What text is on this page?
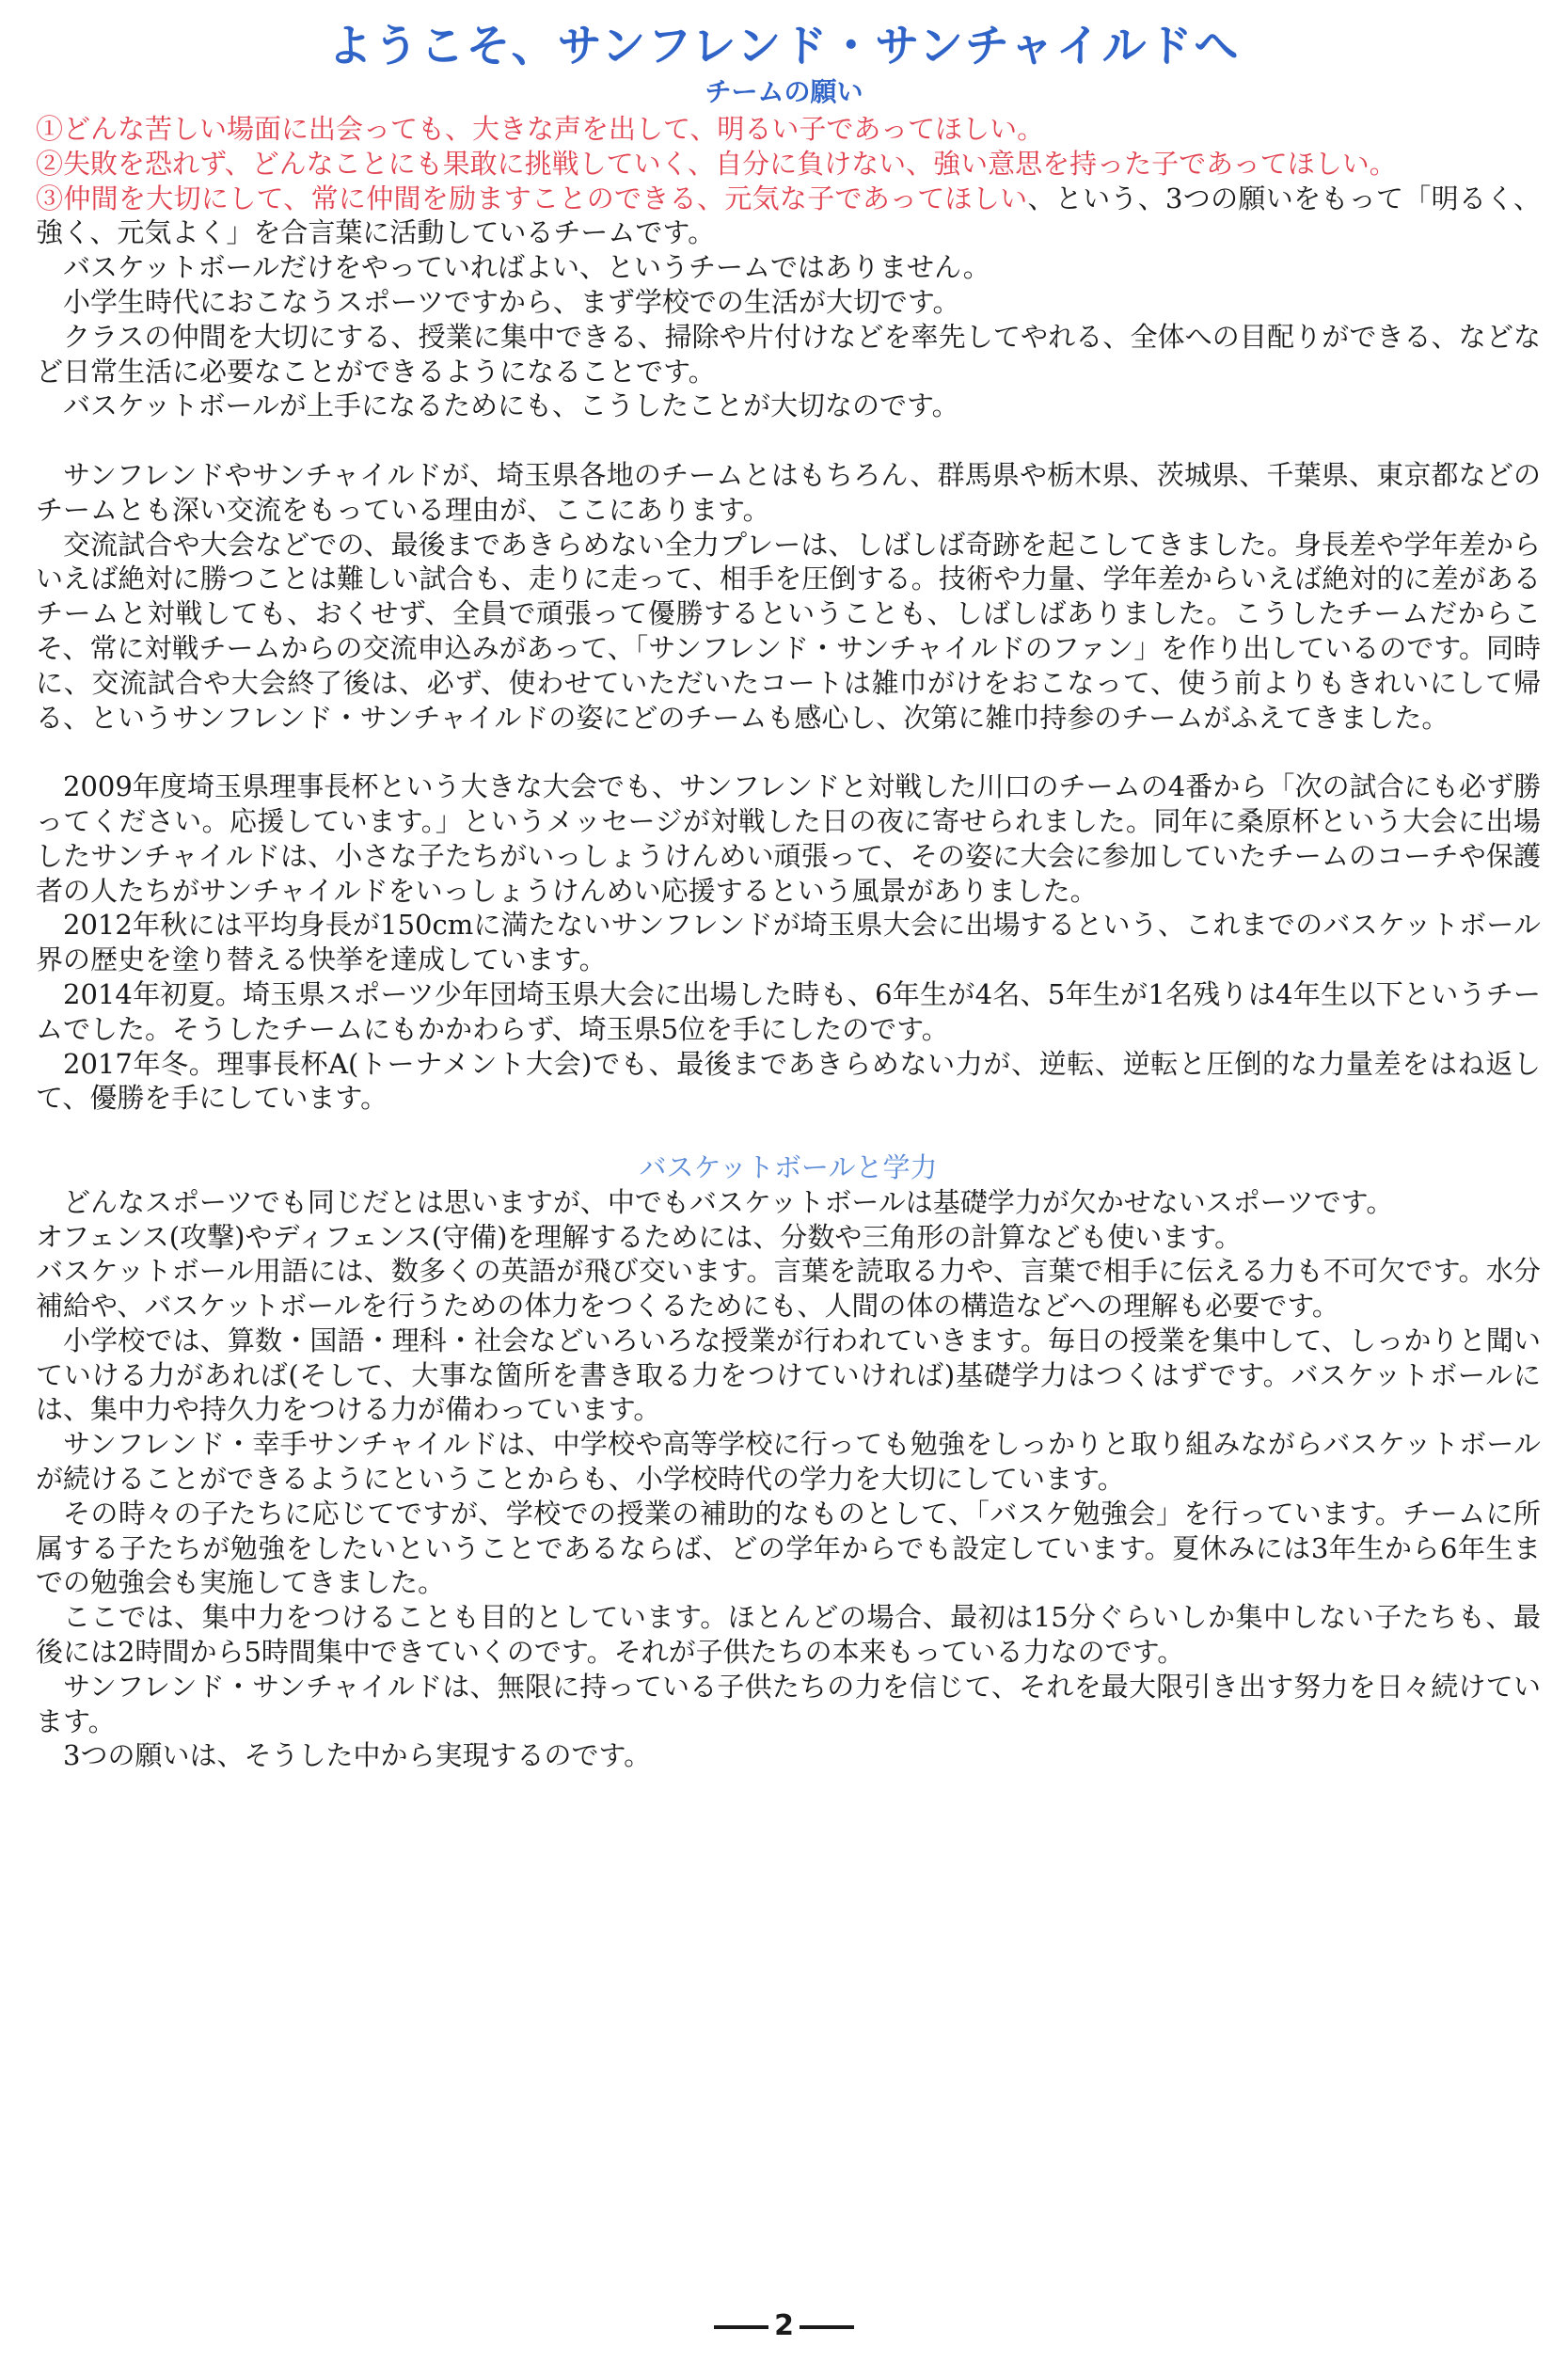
ようこそ、サンフレンド・サンチャイルドへ
チームの願い

①どんな苦しい場面に出会っても、大きな声を出して、明るい子であってほしい。

②失敗を恐れず、どんなことにも果敢に挑戦していく、自分に負けない、強い意思を持った子であってほしい。

③仲間を大切にして、常に仲間を励ますことのできる、元気な子であってほしい、という、3つの願いをもって「明るく、強く、元気よく」を合言葉に活動しているチームです。

バスケットボールだけをやっていればよい、というチームではありません。

小学生時代におこなうスポーツですから、まず学校での生活が大切です。

クラスの仲間を大切にする、授業に集中できる、掃除や片付けなどを率先してやれる、全体への目配りができる、などなど日常生活に必要なことができるようになることです。

バスケットボールが上手になるためにも、こうしたことが大切なのです。

サンフレンドやサンチャイルドが、埼玉県各地のチームとはもちろん、群馬県や栃木県、茨城県、千葉県、東京都などのチームとも深い交流をもっている理由が、ここにあります。

交流試合や大会などでの、最後まであきらめない全力プレーは、しばしば奇跡を起こしてきました。身長差や学年差からいえば絶対に勝つことは難しい試合も、走りに走って、相手を圧倒する。技術や力量、学年差からいえば絶対的に差があるチームと対戦しても、おくせず、全員で頑張って優勝するということも、しばしばありました。こうしたチームだからこそ、常に対戦チームからの交流申込みがあって、「サンフレンド・サンチャイルドのファン」を作り出しているのです。同時に、交流試合や大会終了後は、必ず、使わせていただいたコートは雑巾がけをおこなって、使う前よりもきれいにして帰る、というサンフレンド・サンチャイルドの姿にどのチームも感心し、次第に雑巾持参のチームがふえてきました。

2009年度埼玉県理事長杯という大きな大会でも、サンフレンドと対戦した川口のチームの4番から「次の試合にも必ず勝ってください。応援しています。」というメッセージが対戦した日の夜に寄せられました。同年に桑原杯という大会に出場したサンチャイルドは、小さな子たちがいっしょうけんめい頑張って、その姿に大会に参加していたチームのコーチや保護者の人たちがサンチャイルドをいっしょうけんめい応援するという風景がありました。

2012年秋には平均身長が150cmに満たないサンフレンドが埼玉県大会に出場するという、これまでのバスケットボール界の歴史を塗り替える快挙を達成しています。

2014年初夏。埼玉県スポーツ少年団埼玉県大会に出場した時も、6年生が4名、5年生が1名残りは4年生以下というチームでした。そうしたチームにもかかわらず、埼玉県5位を手にしたのです。

2017年冬。理事長杯A(トーナメント大会)でも、最後まであきらめない力が、逆転、逆転と圧倒的な力量差をはね返して、優勝を手にしています。

バスケットボールと学力

どんなスポーツでも同じだとは思いますが、中でもバスケットボールは基礎学力が欠かせないスポーツです。

オフェンス(攻撃)やディフェンス(守備)を理解するためには、分数や三角形の計算なども使います。

バスケットボール用語には、数多くの英語が飛び交います。言葉を読取る力や、言葉で相手に伝える力も不可欠です。水分補給や、バスケットボールを行うための体力をつくるためにも、人間の体の構造などへの理解も必要です。

小学校では、算数・国語・理科・社会などいろいろな授業が行われていきます。毎日の授業を集中して、しっかりと聞いていける力があれば(そして、大事な箇所を書き取る力をつけていければ)基礎学力はつくはずです。バスケットボールには、集中力や持久力をつける力が備わっています。

サンフレンド・幸手サンチャイルドは、中学校や高等学校に行っても勉強をしっかりと取り組みながらバスケットボールが続けることができるようにということからも、小学校時代の学力を大切にしています。

その時々の子たちに応じてですが、学校での授業の補助的なものとして、「バスケ勉強会」を行っています。チームに所属する子たちが勉強をしたいということであるならば、どの学年からでも設定しています。夏休みには3年生から6年生までの勉強会も実施してきました。

ここでは、集中力をつけることも目的としています。ほとんどの場合、最初は15分ぐらいしか集中しない子たちも、最後には2時間から5時間集中できていくのです。それが子供たちの本来もっている力なのです。

サンフレンド・サンチャイルドは、無限に持っている子供たちの力を信じて、それを最大限引き出す努力を日々続けています。

3つの願いは、そうした中から実現するのです。

2
